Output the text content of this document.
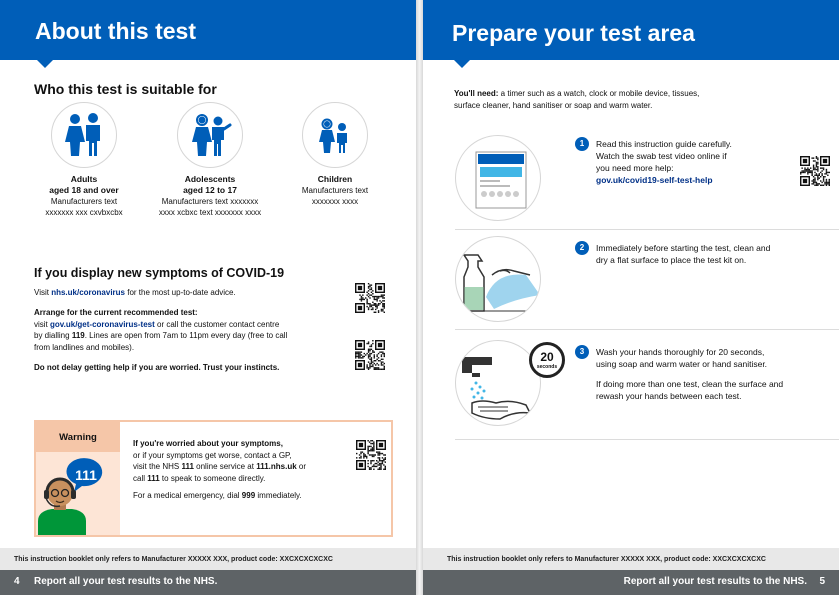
About this test
Who this test is suitable for
Adults
aged 18 and over
Manufacturers text
xxxxxxx xxx cxvbxcbx
Adolescents
aged 12 to 17
Manufacturers text xxxxxxx
xxxx xcbxc text xxxxxxx xxxx
Children
Manufacturers text
xxxxxxx xxxx
If you display new symptoms of COVID-19
Visit nhs.uk/coronavirus for the most up-to-date advice.
Arrange for the current recommended test:
visit gov.uk/get-coronavirus-test or call the customer contact centre
by dialling 119. Lines are open from 7am to 11pm every day (free to call
from landlines and mobiles).
Do not delay getting help if you are worried. Trust your instincts.
Warning
111
If you're worried about your symptoms,
or if your symptoms get worse, contact a GP,
visit the NHS 111 online service at 111.nhs.uk or
call 111 to speak to someone directly.
For a medical emergency, dial 999 immediately.
This instruction booklet only refers to Manufacturer XXXXX XXX, product code: XXCXCXCXCXC
4 Report all your test results to the NHS.
Prepare your test area
You'll need: a timer such as a watch, clock or mobile device, tissues,
surface cleaner, hand sanitiser or soap and warm water.
1	Read this instruction guide carefully.
Watch the swab test video online if
you need more help:
gov.uk/covid19-self-test-help
2	Immediately before starting the test, clean and
dry a flat surface to place the test kit on.
20
seconds
3	Wash your hands thoroughly for 20 seconds,
using soap and warm water or hand sanitiser.
If doing more than one test, clean the surface and
rewash your hands between each test.
This instruction booklet only refers to Manufacturer XXXXX XXX, product code: XXCXCXCXCXC
Report all your test results to the NHS. 5
